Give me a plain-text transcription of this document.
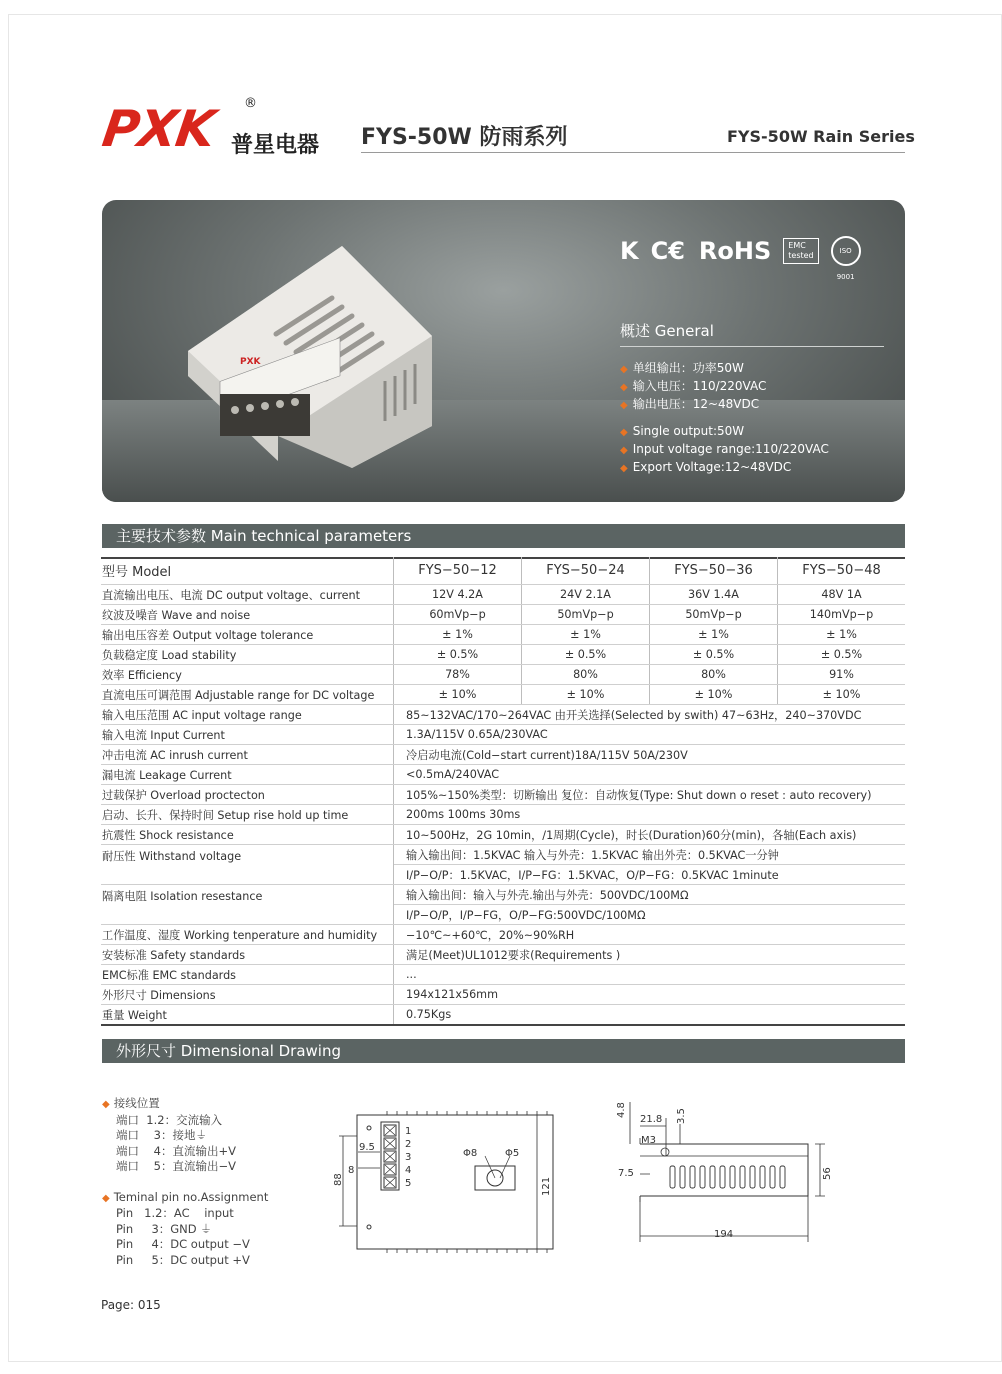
PXK ®
普星电器 FYS-50W 防雨系列	FYS-50W Rain Series
PXK
K C€ RoHS	EMC
tested	ISO 9001
概述 General
◆ 单组输出：功率50W
◆ 输入电压：110/220VAC
◆ 输出电压：12~48VDC
◆ Single output:50W
◆ Input voltage range:110/220VAC
◆ Export Voltage:12~48VDC
主要技术参数 Main technical parameters
型号 Model	FYS−50−12	FYS−50−24	FYS−50−36	FYS−50−48
直流输出电压、电流 DC output voltage、current	12V 4.2A	24V 2.1A	36V 1.4A	48V 1A
纹波及噪音 Wave and noise	60mVp−p	50mVp−p	50mVp−p	140mVp−p
输出电压容差 Output voltage tolerance	± 1%	± 1%	± 1%	± 1%
负载稳定度 Load stability	± 0.5%	± 0.5%	± 0.5%	± 0.5%
效率 Efficiency	78%	80%	80%	91%
直流电压可调范围 Adjustable range for DC voltage	± 10%	± 10%	± 10%	± 10%
输入电压范围 AC input voltage range	85~132VAC/170~264VAC 由开关选择(Selected by swith) 47~63Hz，240~370VDC			
输入电流 Input Current	1.3A/115V 0.65A/230VAC			
冲击电流 AC inrush current	冷启动电流(Cold−start current)18A/115V 50A/230V			
漏电流 Leakage Current	<0.5mA/240VAC			
过载保护 Overload proctecton	105%~150%类型：切断输出 复位：自动恢复(Type: Shut down o reset : auto recovery)			
启动、长升、保持时间 Setup rise hold up time	200ms 100ms 30ms			
抗震性 Shock resistance	10~500Hz，2G 10min，/1周期(Cycle)，时长(Duration)60分(min)，各轴(Each axis)			
耐压性 Withstand voltage	输入输出间：1.5KVAC 输入与外壳：1.5KVAC 输出外壳：0.5KVAC一分钟			
	I/P−O/P：1.5KVAC，I/P−FG：1.5KVAC，O/P−FG：0.5KVAC 1minute			
隔离电阻 Isolation resestance	输入输出间：输入与外壳.输出与外壳：500VDC/100MΩ			
	I/P−O/P，I/P−FG，O/P−FG:500VDC/100MΩ			
工作温度、湿度 Working tenperature and humidity	−10℃~+60℃，20%~90%RH			
安装标准 Safety standards	满足(Meet)UL1012要求(Requirements )			
EMC标准 EMC standards	...			
外形尺寸 Dimensions	194x121x56mm			
重量 Weight	0.75Kgs			
外形尺寸 Dimensional Drawing
◆ 接线位置
端口  1.2：交流输入
端口    3：接地⏚
端口    4：直流输出+V
端口    5：直流输出−V
◆ Teminal pin no.Assignment
Pin   1.2：AC    input
Pin     3：GND ⏚
Pin     4：DC output −V
Pin     5：DC output +V
88	121
9.5
8
Φ8	Φ5
1
2
3
4
5
4.8
21.8 3.5
M3
7.5	56
194
Page: 015
